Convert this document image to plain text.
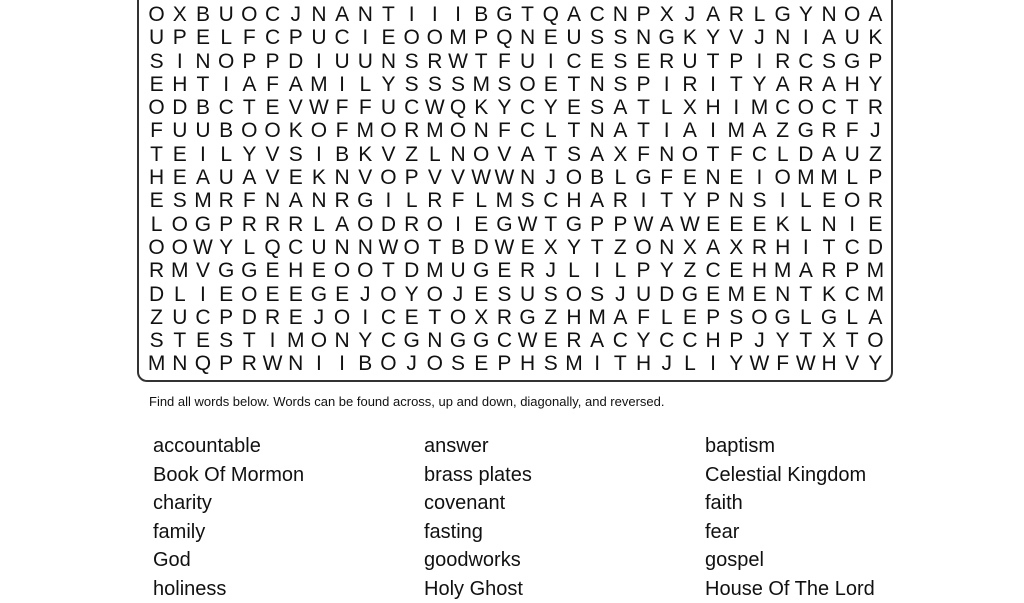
O X B U O C J N A N T I I I B G T Q A C N P X J A R L G Y N O A
U P E L F C P U C I E O O M P Q N E U S S N G K Y V J N I A U K
S I N O P P D I U U N S R W T F U I C E S E R U T P I R C S G P
E H T I A F A M I L Y S S S M S O E T N S P I R I T Y A R A H Y
O D B C T E V W F F U C W Q K Y C Y E S A T L X H I M C O C T R
F U U B O O K O F M O R M O N F C L T N A T I A I M A Z G R F J
T E I L Y V S I B K V Z L N O V A T S A X F N O T F C L D A U Z
H E A U A V E K N V O P V V W W N J O B L G F E N E I O M M L P
E S M R F N A N R G I L R F L M S C H A R I T Y P N S I L E O R
L O G P R R R L A O D R O I E G W T G P P W A W E E E K L N I E
O O W Y L Q C U N N W O T B D W E X Y T Z O N X A X R H I T C D
R M V G G E H E O O T D M U G E R J L I L P Y Z C E H M A R P M
D L I E O E E G E J O Y O J E S U S O S J U D G E M E N T K C M
Z U C P D R E J O I C E T O X R G Z H M A F L E P S O G L G L A
S T E S T I M O N Y C G N G G C W E R A C Y C C H P J Y T X T O
M N Q P R W N I I B O J O S E P H S M I T H J L I Y W F W H V Y
Find all words below. Words can be found across, up and down, diagonally, and reversed.
accountable
Book Of Mormon
charity
family
God
holiness
answer
brass plates
covenant
fasting
goodworks
Holy Ghost
baptism
Celestial Kingdom
faith
fear
gospel
House Of The Lord
